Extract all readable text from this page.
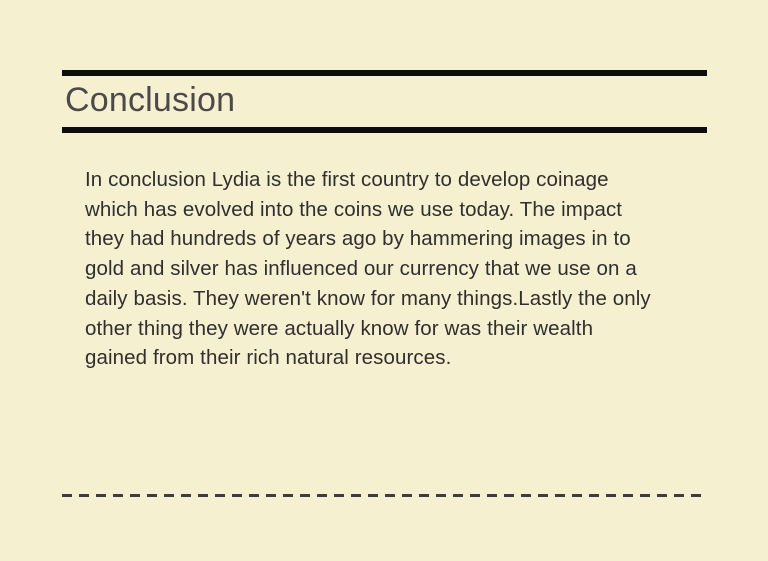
Conclusion

In conclusion Lydia is the first country to develop coinage which has evolved into the coins we use today. The impact they had hundreds of years ago by hammering images in to gold and silver has influenced our currency that we use on a daily basis. They weren't know for many things.Lastly the only other thing they were actually know for was their wealth gained from their rich natural resources.
